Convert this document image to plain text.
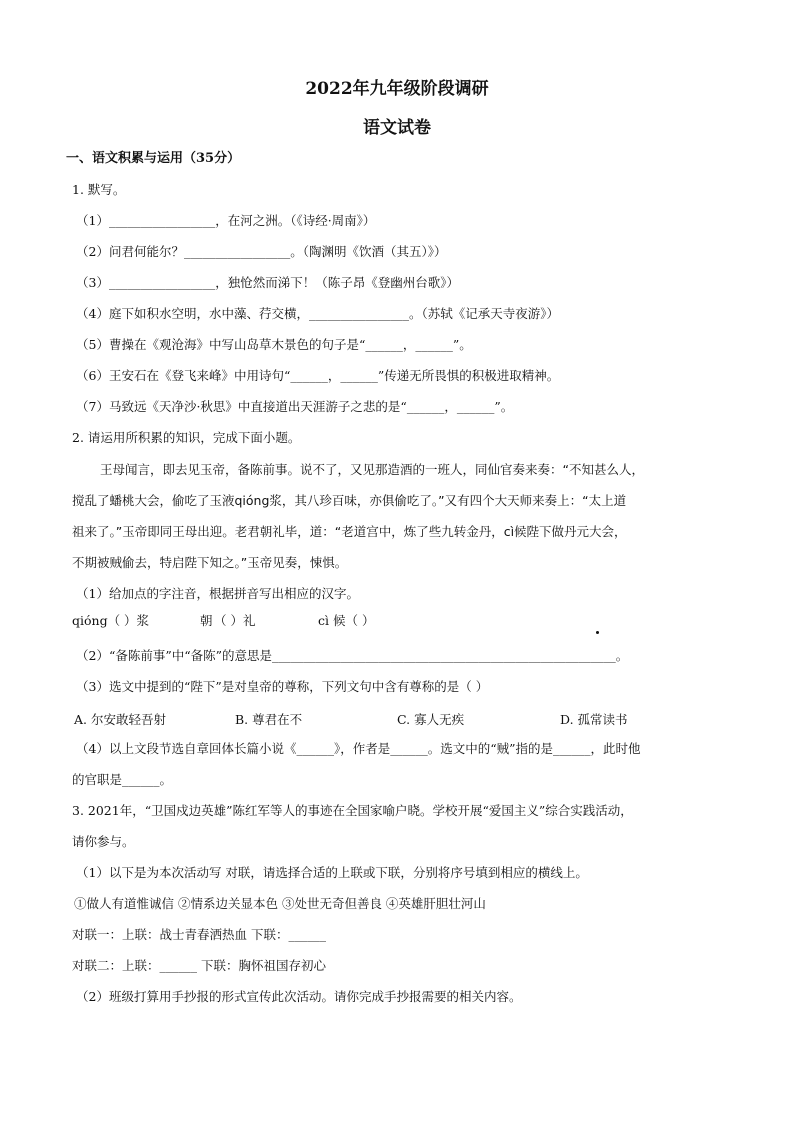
2022年九年级阶段调研
语文试卷
一、语文积累与运用（35分）
1. 默写。
（1）_________________，在河之洲。（《诗经·周南》）
（2）问君何能尔？_________________。（陶渊明《饮酒（其五）》）
（3）_________________，独怆然而涕下！（陈子昂《登幽州台歌》）
（4）庭下如积水空明，水中藻、荇交横，________________。（苏轼《记承天寺夜游》）
（5）曹操在《观沧海》中写山岛草木景色的句子是“______，______”。
（6）王安石在《登飞来峰》中用诗句“______，______”传递无所畏惧的积极进取精神。
（7）马致远《天净沙·秋思》中直接道出天涯游子之悲的是“______，______”。
2. 请运用所积累的知识，完成下面小题。
王母闻言，即去见玉帝，备陈前事。说不了，又见那造酒的一班人，同仙官奏来奏：“不知甚么人，
搅乱了蟠桃大会，偷吃了玉液qióng浆，其八珍百味，亦俱偷吃了。”又有四个大天师来奏上：“太上道
祖来了。”玉帝即同王母出迎。老君朝礼毕，道：“老道宫中，炼了些九转金丹，cì候陛下做丹元大会，
不期被贼偷去，特启陛下知之。”玉帝见奏，悚惧。
（1）给加点的字注音，根据拼音写出相应的汉字。
qióng（ ）浆	朝 （ ）礼	cì 候（ ）
（2）“备陈前事”中“备陈”的意思是_______________________________________________________。
（3）选文中提到的“陛下”是对皇帝的尊称，下列文句中含有尊称的是（ ）
A. 尔安敢轻吾射	B. 尊君在不	C. 寡人无疾	D. 孤常读书
（4）以上文段节选自章回体长篇小说《______》，作者是______。选文中的“贼”指的是______，此时他
的官职是______。
3. 2021年，“卫国戍边英雄”陈红军等人的事迹在全国家喻户晓。学校开展“爱国主义”综合实践活动，
请你参与。
（1）以下是为本次活动写 对联，请选择合适的上联或下联，分别将序号填到相应的横线上。
①做人有道惟诚信 ②情系边关显本色 ③处世无奇但善良 ④英雄肝胆壮河山
对联一：上联：战士青春洒热血 下联：______
对联二：上联：______ 下联：胸怀祖国存初心
（2）班级打算用手抄报的形式宣传此次活动。请你完成手抄报需要的相关内容。
